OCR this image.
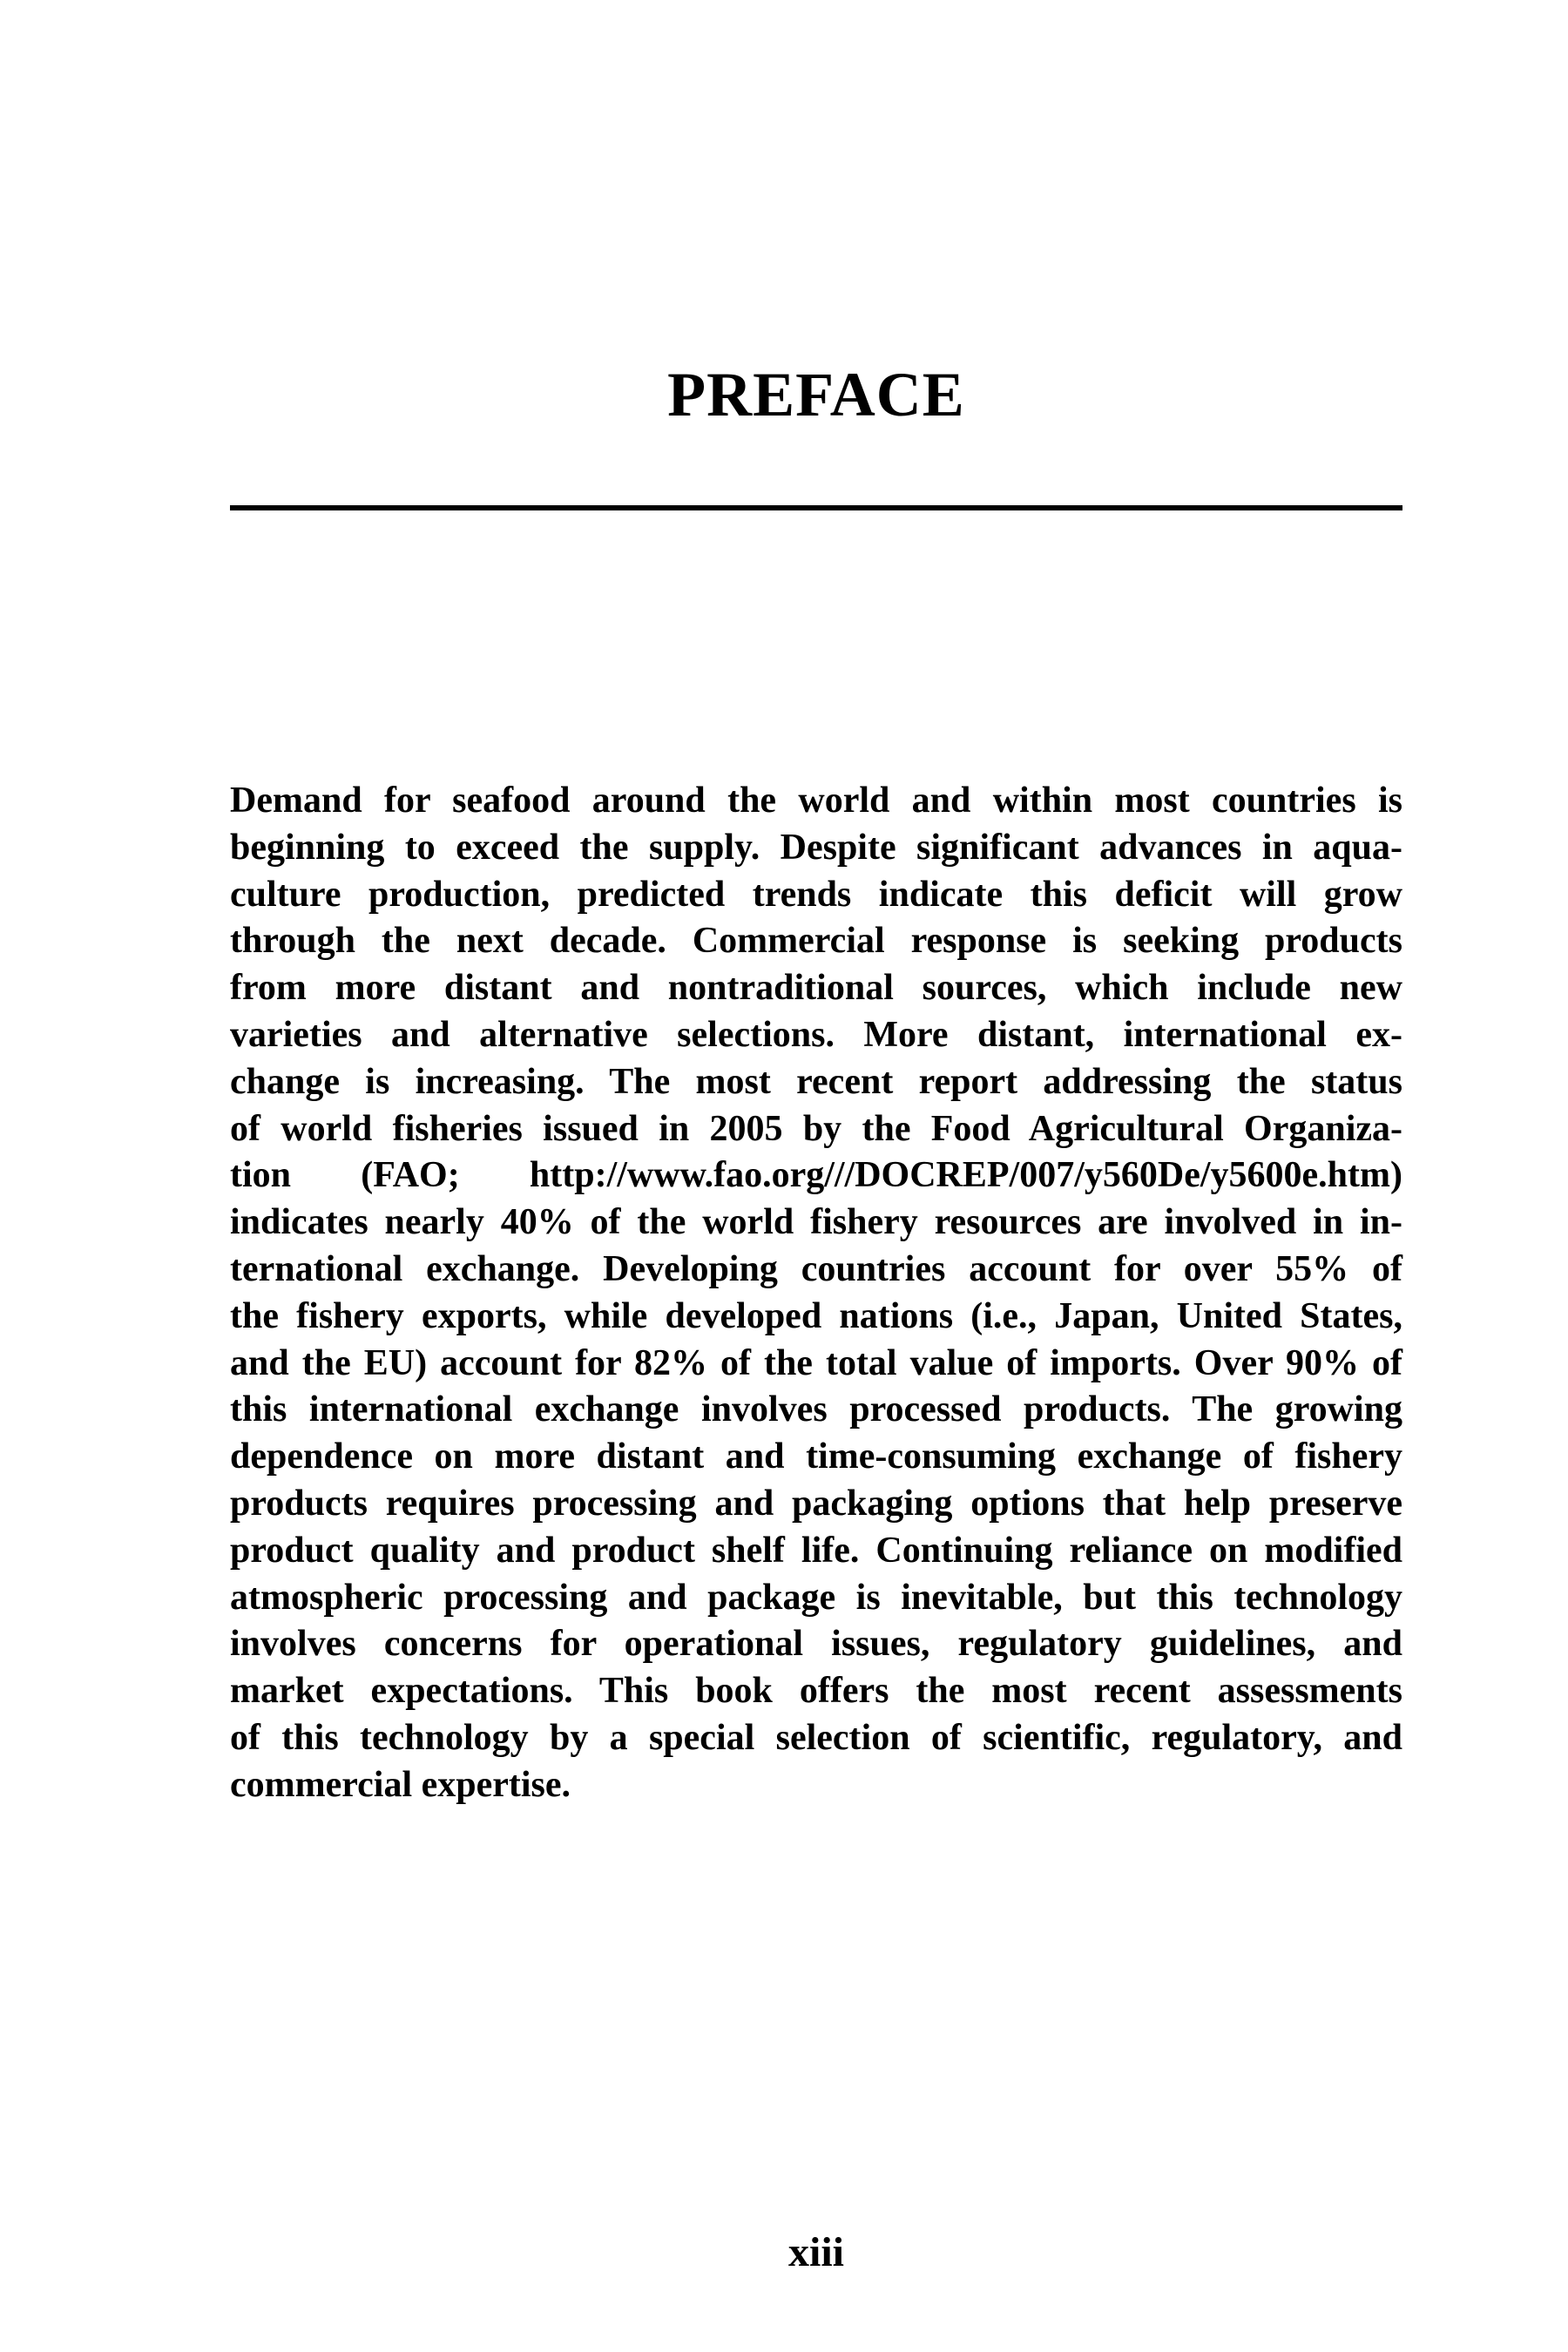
PREFACE
Demand for seafood around the world and within most countries is
beginning to exceed the supply. Despite significant advances in aqua-
culture production, predicted trends indicate this deficit will grow
through the next decade. Commercial response is seeking products
from more distant and nontraditional sources, which include new
varieties and alternative selections. More distant, international ex-
change is increasing. The most recent report addressing the status
of world fisheries issued in 2005 by the Food Agricultural Organiza-
tion (FAO; http://www.fao.org///DOCREP/007/y560De/y5600e.htm)
indicates nearly 40% of the world fishery resources are involved in in-
ternational exchange. Developing countries account for over 55% of
the fishery exports, while developed nations (i.e., Japan, United States,
and the EU) account for 82% of the total value of imports. Over 90% of
this international exchange involves processed products. The growing
dependence on more distant and time-consuming exchange of fishery
products requires processing and packaging options that help preserve
product quality and product shelf life. Continuing reliance on modified
atmospheric processing and package is inevitable, but this technology
involves concerns for operational issues, regulatory guidelines, and
market expectations. This book offers the most recent assessments
of this technology by a special selection of scientific, regulatory, and
commercial expertise.
xiii
